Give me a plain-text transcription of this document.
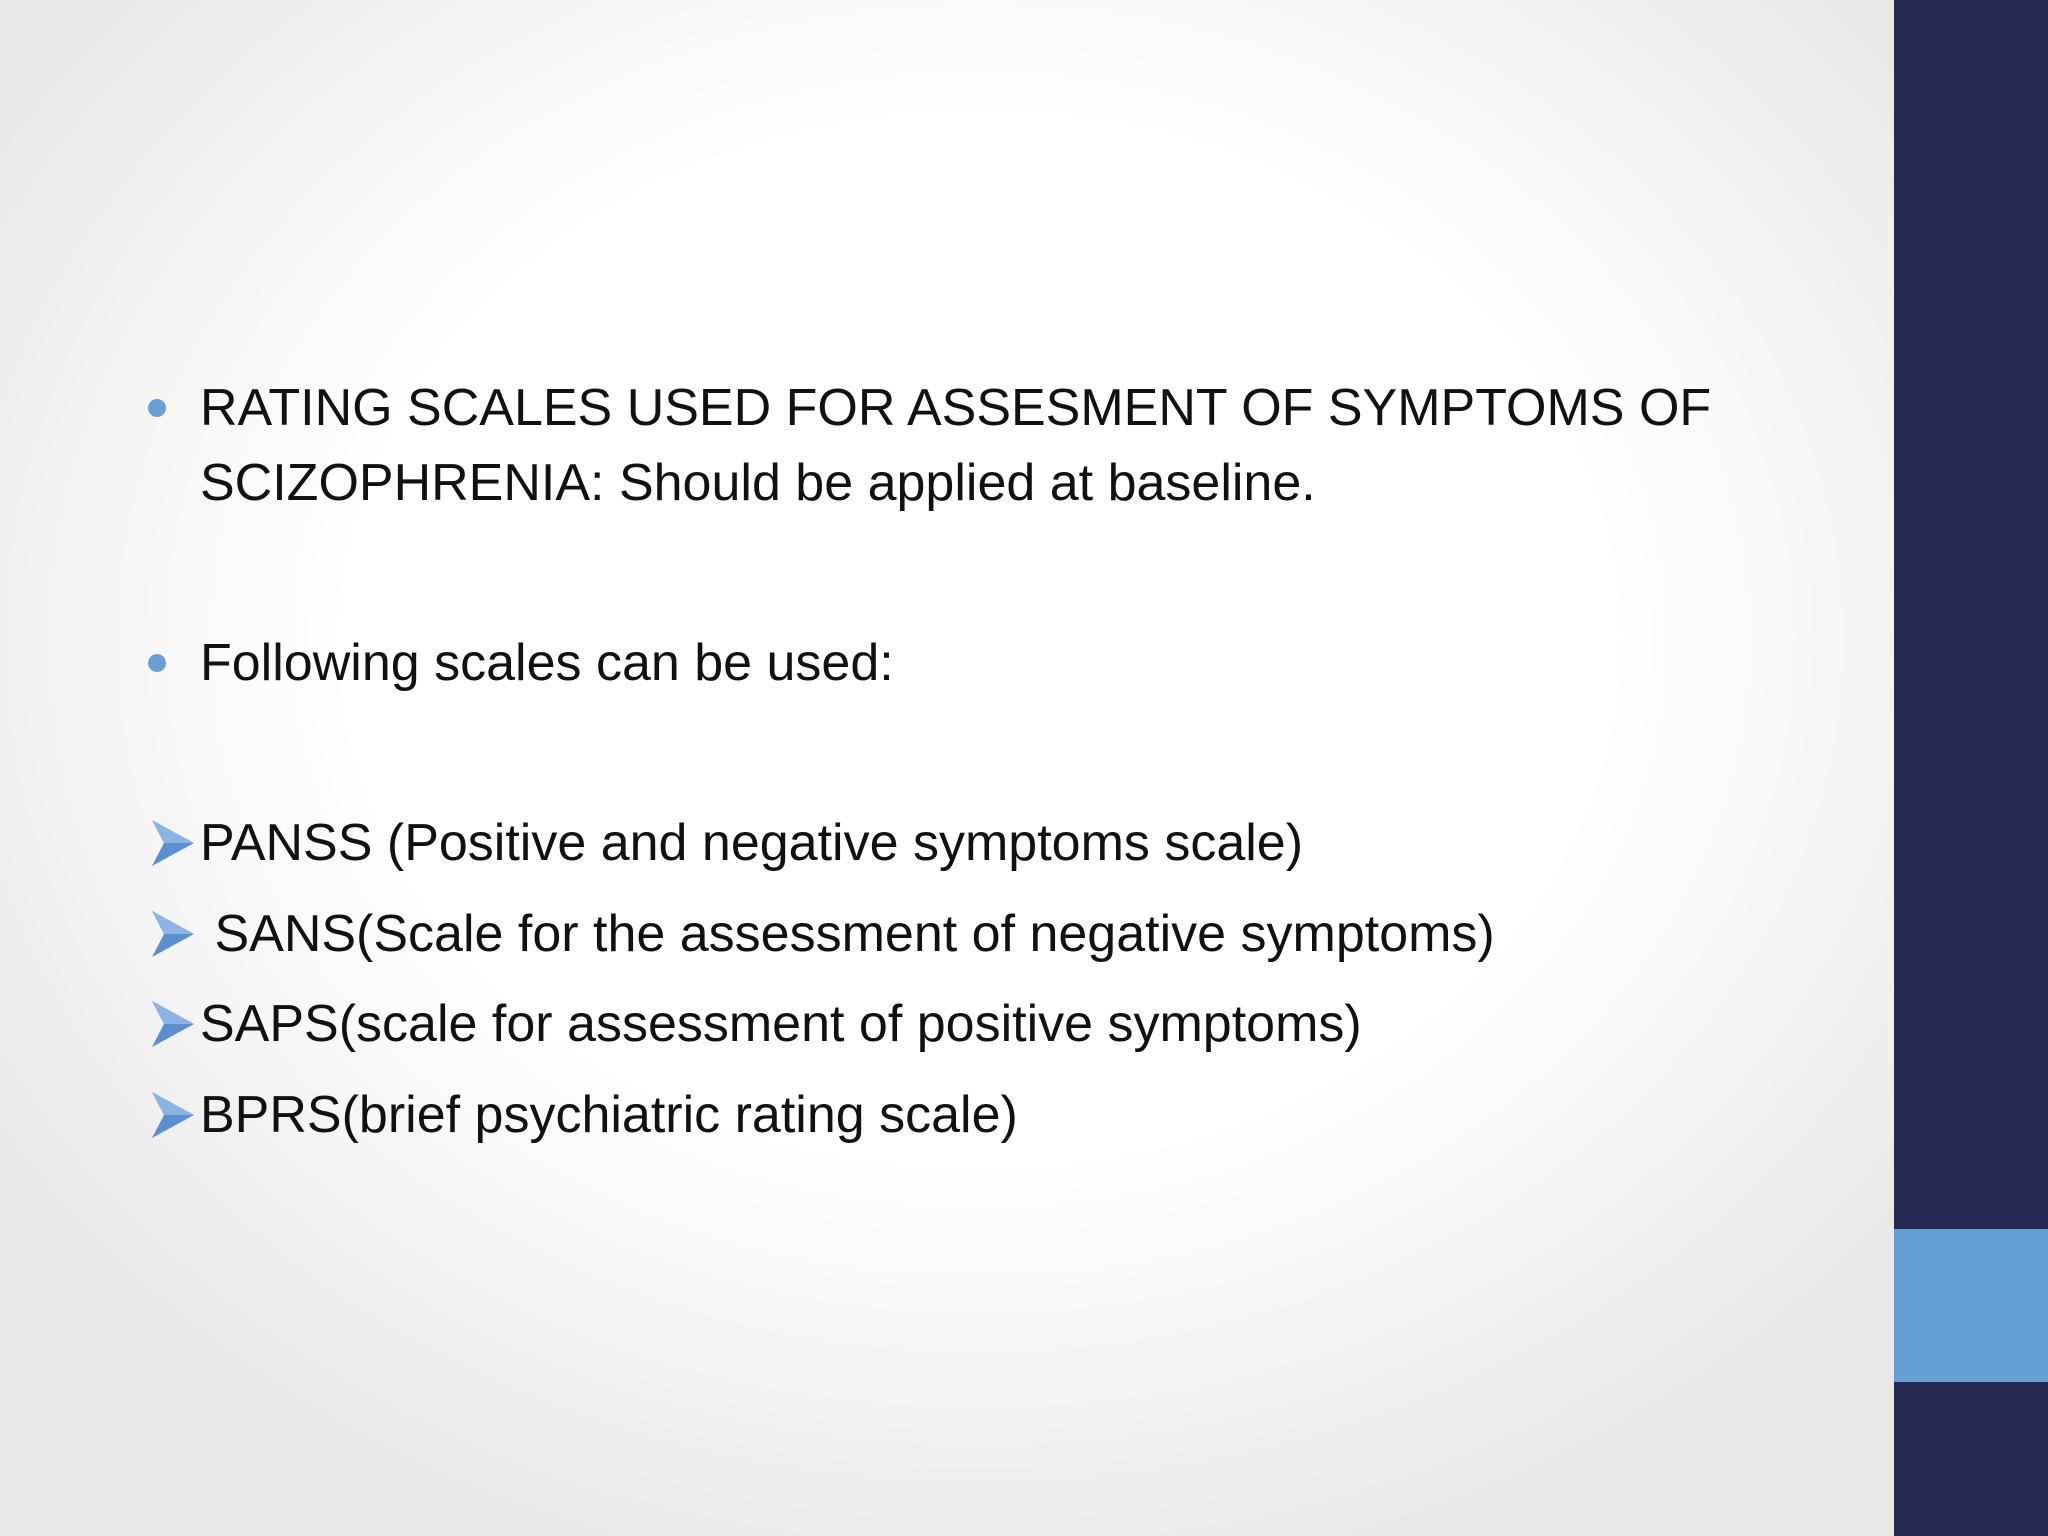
RATING SCALES USED FOR ASSESMENT OF SYMPTOMS OF
SCIZOPHRENIA: Should be applied at baseline.
Following scales can be used:
PANSS (Positive and negative symptoms scale)
SANS(Scale for the assessment of negative symptoms)
SAPS(scale for assessment of positive symptoms)
BPRS(brief psychiatric rating scale)
